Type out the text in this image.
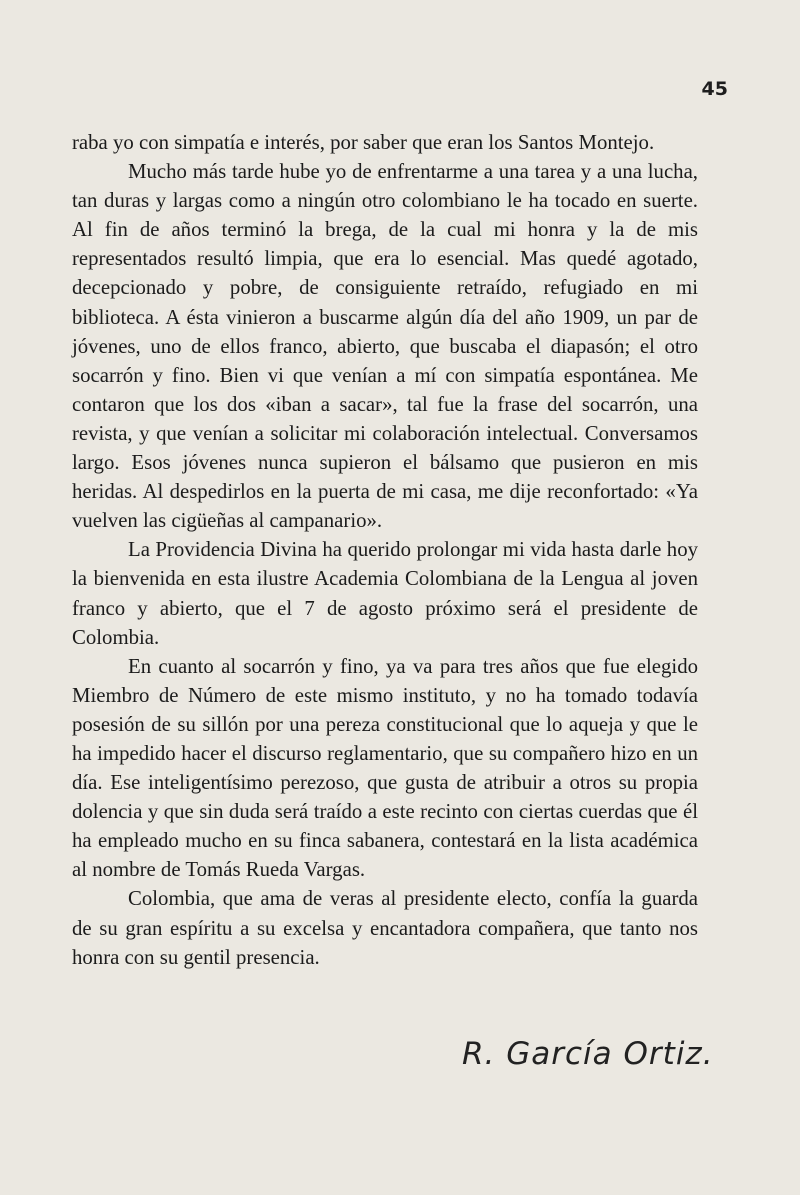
45

raba yo con simpatía e interés, por saber que eran los Santos Montejo.

Mucho más tarde hube yo de enfrentarme a una tarea y a una lucha, tan duras y largas como a ningún otro colombiano le ha tocado en suerte. Al fin de años terminó la brega, de la cual mi honra y la de mis representados resultó limpia, que era lo esencial. Mas quedé agotado, decepcionado y pobre, de consiguiente retraído, refugiado en mi biblioteca. A ésta vinieron a buscarme algún día del año 1909, un par de jóvenes, uno de ellos franco, abierto, que buscaba el diapasón; el otro socarrón y fino. Bien vi que venían a mí con simpatía espontánea. Me contaron que los dos «iban a sacar», tal fue la frase del socarrón, una revista, y que venían a solicitar mi colaboración intelectual. Conversamos largo. Esos jóvenes nunca supieron el bálsamo que pusieron en mis heridas. Al despedirlos en la puerta de mi casa, me dije reconfortado: «Ya vuelven las cigüeñas al campanario».

La Providencia Divina ha querido prolongar mi vida hasta darle hoy la bienvenida en esta ilustre Academia Colombiana de la Lengua al joven franco y abierto, que el 7 de agosto próximo será el presidente de Colombia.

En cuanto al socarrón y fino, ya va para tres años que fue elegido Miembro de Número de este mismo instituto, y no ha tomado todavía posesión de su sillón por una pereza constitucional que lo aqueja y que le ha impedido hacer el discurso reglamentario, que su compañero hizo en un día. Ese inteligentísimo perezoso, que gusta de atribuir a otros su propia dolencia y que sin duda será traído a este recinto con ciertas cuerdas que él ha empleado mucho en su finca sabanera, contestará en la lista académica al nombre de Tomás Rueda Vargas.

Colombia, que ama de veras al presidente electo, confía la guarda de su gran espíritu a su excelsa y encantadora compañera, que tanto nos honra con su gentil presencia.

R. García Ortiz.
